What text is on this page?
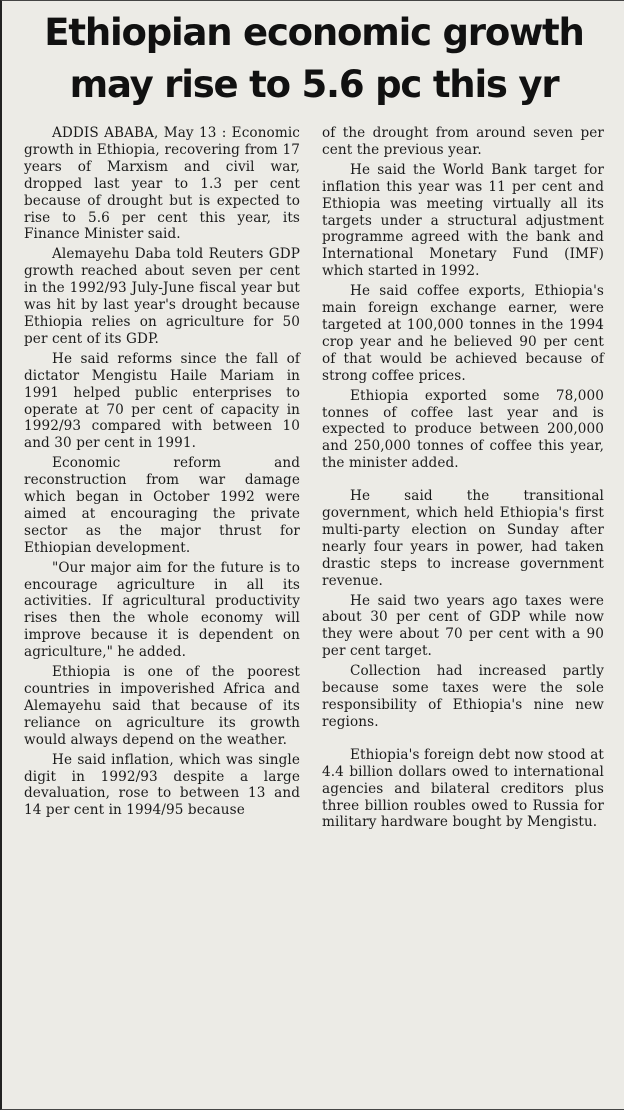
Ethiopian economic growth
may rise to 5.6 pc this yr

ADDIS ABABA, May 13 : Economic growth in Ethiopia, recovering from 17 years of Marxism and civil war, dropped last year to 1.3 per cent because of drought but is expected to rise to 5.6 per cent this year, its Finance Minister said.

Alemayehu Daba told Reuters GDP growth reached about seven per cent in the 1992/93 July-June fiscal year but was hit by last year's drought because Ethiopia relies on agriculture for 50 per cent of its GDP.

He said reforms since the fall of dictator Mengistu Haile Mariam in 1991 helped public enterprises to operate at 70 per cent of capacity in 1992/93 compared with between 10 and 30 per cent in 1991.

Economic reform and reconstruction from war damage which began in October 1992 were aimed at encouraging the private sector as the major thrust for Ethiopian development.

"Our major aim for the future is to encourage agriculture in all its activities. If agricultural productivity rises then the whole economy will improve because it is dependent on agriculture," he added.

Ethiopia is one of the poorest countries in impoverished Africa and Alemayehu said that because of its reliance on agriculture its growth would always depend on the weather.

He said inflation, which was single digit in 1992/93 despite a large devaluation, rose to between 13 and 14 per cent in 1994/95 because

of the drought from around seven per cent the previous year.

He said the World Bank target for inflation this year was 11 per cent and Ethiopia was meeting virtually all its targets under a structural adjustment programme agreed with the bank and International Monetary Fund (IMF) which started in 1992.

He said coffee exports, Ethiopia's main foreign exchange earner, were targeted at 100,000 tonnes in the 1994 crop year and he believed 90 per cent of that would be achieved because of strong coffee prices.

Ethiopia exported some 78,000 tonnes of coffee last year and is expected to produce between 200,000 and 250,000 tonnes of coffee this year, the minister added.

He said the transitional government, which held Ethiopia's first multi-party election on Sunday after nearly four years in power, had taken drastic steps to increase government revenue.

He said two years ago taxes were about 30 per cent of GDP while now they were about 70 per cent with a 90 per cent target.

Collection had increased partly because some taxes were the sole responsibility of Ethiopia's nine new regions.

Ethiopia's foreign debt now stood at 4.4 billion dollars owed to international agencies and bilateral creditors plus three billion roubles owed to Russia for military hardware bought by Mengistu.
